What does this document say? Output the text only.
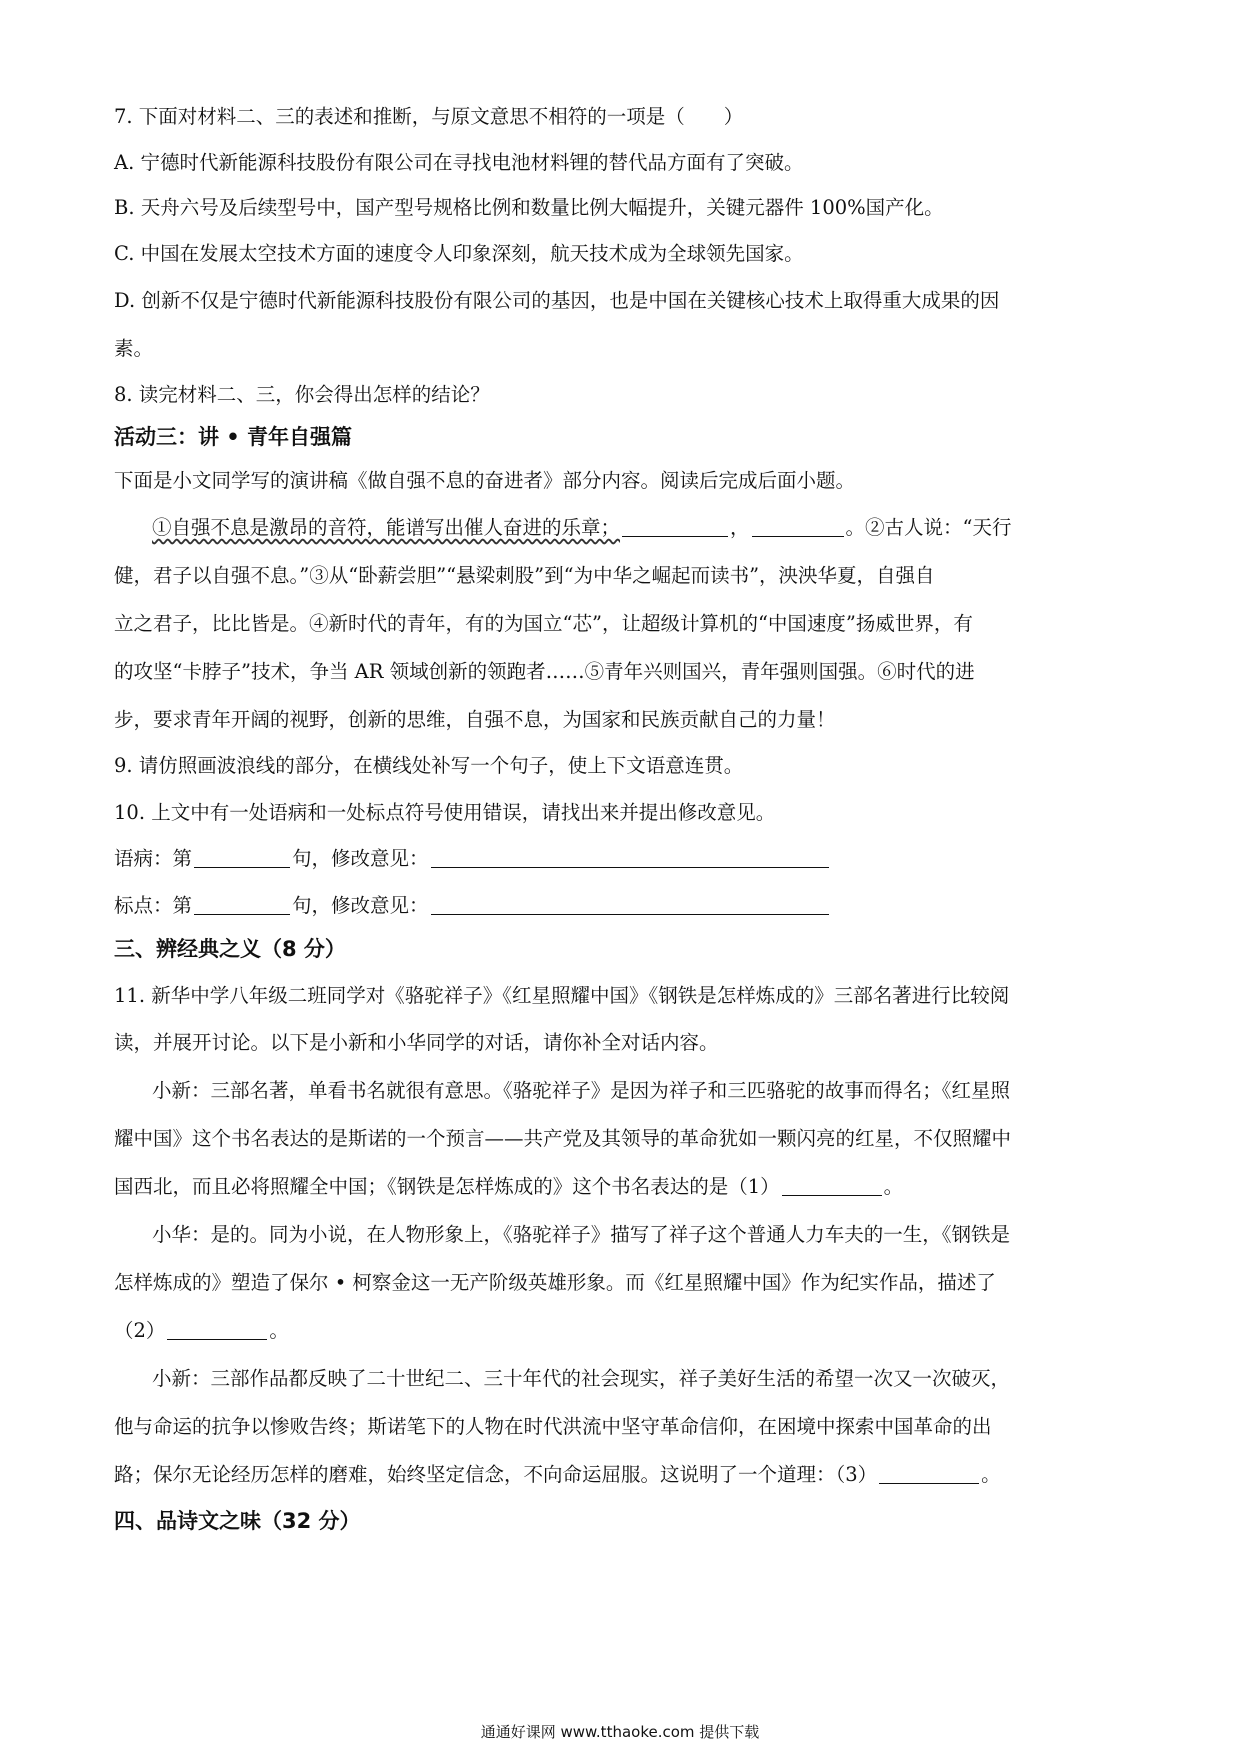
7. 下面对材料二、三的表述和推断，与原文意思不相符的一项是（　　）
A. 宁德时代新能源科技股份有限公司在寻找电池材料锂的替代品方面有了突破。
B. 天舟六号及后续型号中，国产型号规格比例和数量比例大幅提升，关键元器件 100%国产化。
C. 中国在发展太空技术方面的速度令人印象深刻，航天技术成为全球领先国家。
D. 创新不仅是宁德时代新能源科技股份有限公司的基因，也是中国在关键核心技术上取得重大成果的因
素。
8. 读完材料二、三，你会得出怎样的结论？
活动三：讲 • 青年自强篇
下面是小文同学写的演讲稿《做自强不息的奋进者》部分内容。阅读后完成后面小题。
①自强不息是激昂的音符，能谱写出催人奋进的乐章；	，	。②古人说：“天行
健，君子以自强不息。”③从“卧薪尝胆”“悬梁刺股”到“为中华之崛起而读书”，泱泱华夏，自强自
立之君子，比比皆是。④新时代的青年，有的为国立“芯”，让超级计算机的“中国速度”扬威世界，有
的攻坚“卡脖子”技术，争当 AR 领域创新的领跑者……⑤青年兴则国兴，青年强则国强。⑥时代的进
步，要求青年开阔的视野，创新的思维，自强不息，为国家和民族贡献自己的力量！
9. 请仿照画波浪线的部分，在横线处补写一个句子，使上下文语意连贯。
10. 上文中有一处语病和一处标点符号使用错误，请找出来并提出修改意见。
语病：第	句，修改意见：
标点：第	句，修改意见：
三、辨经典之义（8 分）
11. 新华中学八年级二班同学对《骆驼祥子》《红星照耀中国》《钢铁是怎样炼成的》三部名著进行比较阅
读，并展开讨论。以下是小新和小华同学的对话，请你补全对话内容。
小新：三部名著，单看书名就很有意思。《骆驼祥子》是因为祥子和三匹骆驼的故事而得名；《红星照
耀中国》这个书名表达的是斯诺的一个预言——共产党及其领导的革命犹如一颗闪亮的红星，不仅照耀中
国西北，而且必将照耀全中国；《钢铁是怎样炼成的》这个书名表达的是（1）	。
小华：是的。同为小说，在人物形象上，《骆驼祥子》描写了祥子这个普通人力车夫的一生，《钢铁是
怎样炼成的》塑造了保尔 • 柯察金这一无产阶级英雄形象。而《红星照耀中国》作为纪实作品，描述了
（2）	。
小新：三部作品都反映了二十世纪二、三十年代的社会现实，祥子美好生活的希望一次又一次破灭，
他与命运的抗争以惨败告终；斯诺笔下的人物在时代洪流中坚守革命信仰，在困境中探索中国革命的出
路；保尔无论经历怎样的磨难，始终坚定信念，不向命运屈服。这说明了一个道理：（3）	。
四、品诗文之味（32 分）
通通好课网 www.tthaoke.com 提供下载
